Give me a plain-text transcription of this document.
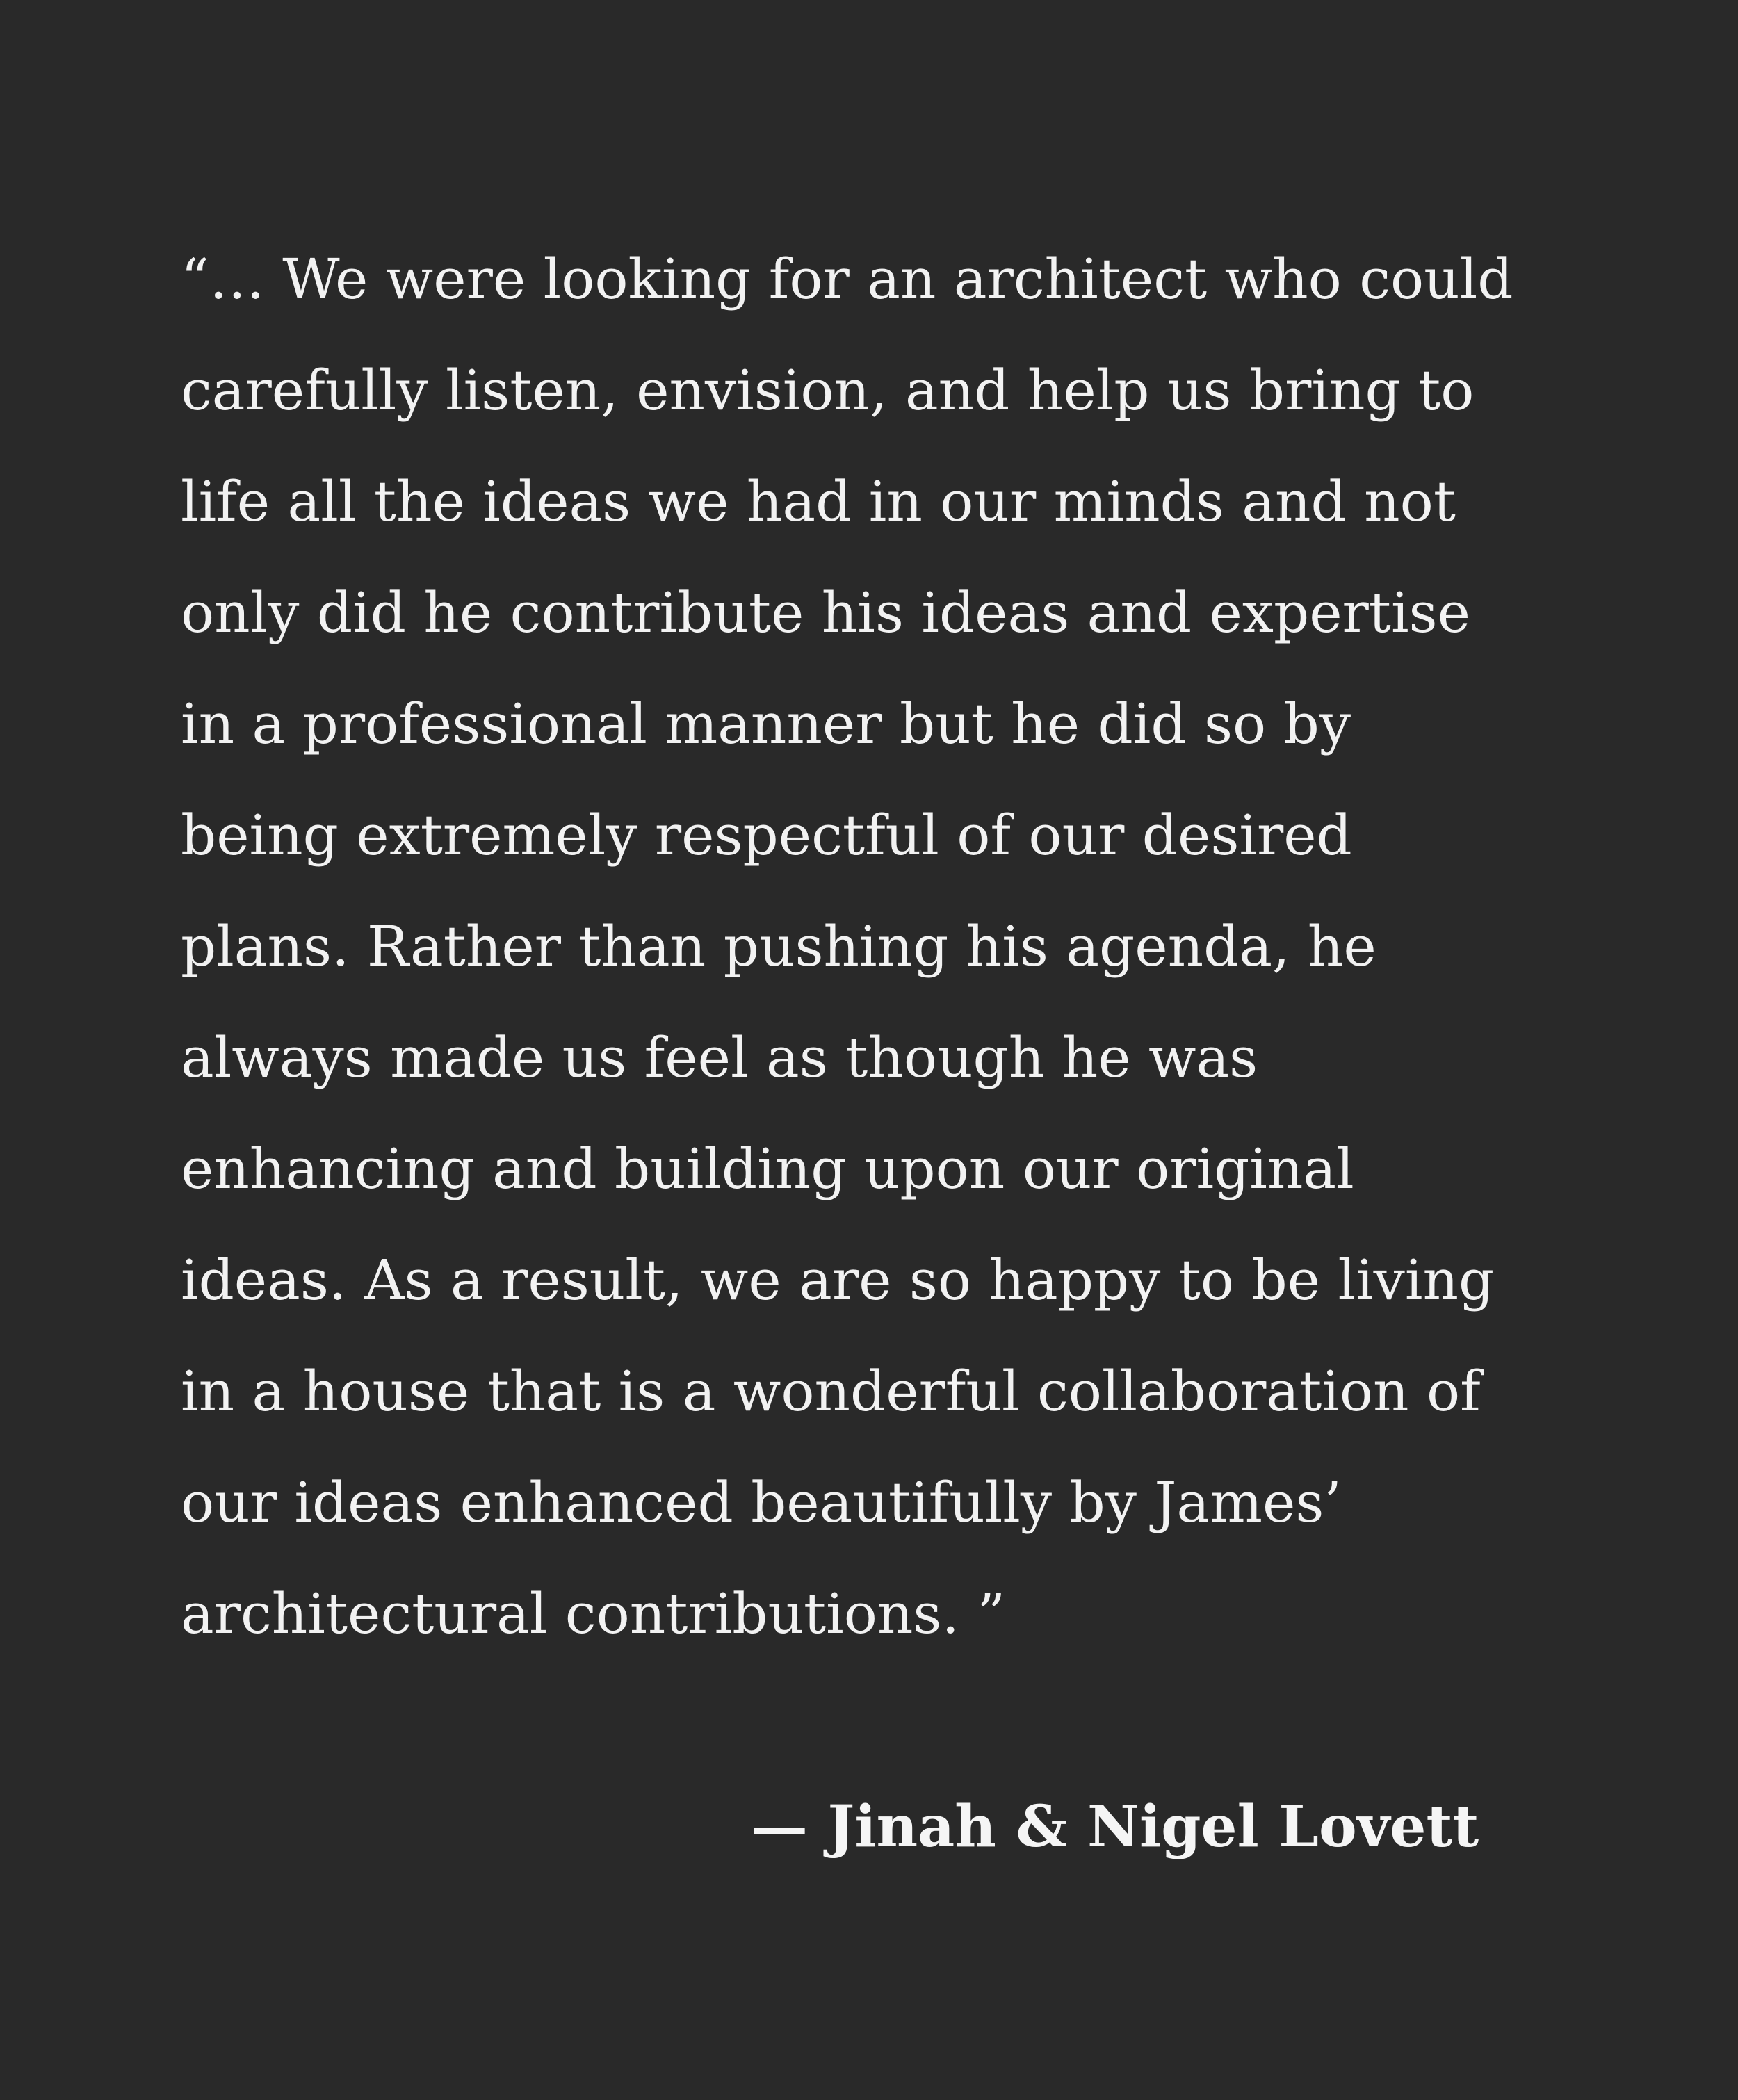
“… We were looking for an architect who could
carefully listen, envision, and help us bring to
life all the ideas we had in our minds and not
only did he contribute his ideas and expertise
in a professional manner but he did so by
being extremely respectful of our desired
plans. Rather than pushing his agenda, he
always made us feel as though he was
enhancing and building upon our original
ideas. As a result, we are so happy to be living
in a house that is a wonderful collaboration of
our ideas enhanced beautifully by James’
architectural contributions. ”

— Jinah & Nigel Lovett
